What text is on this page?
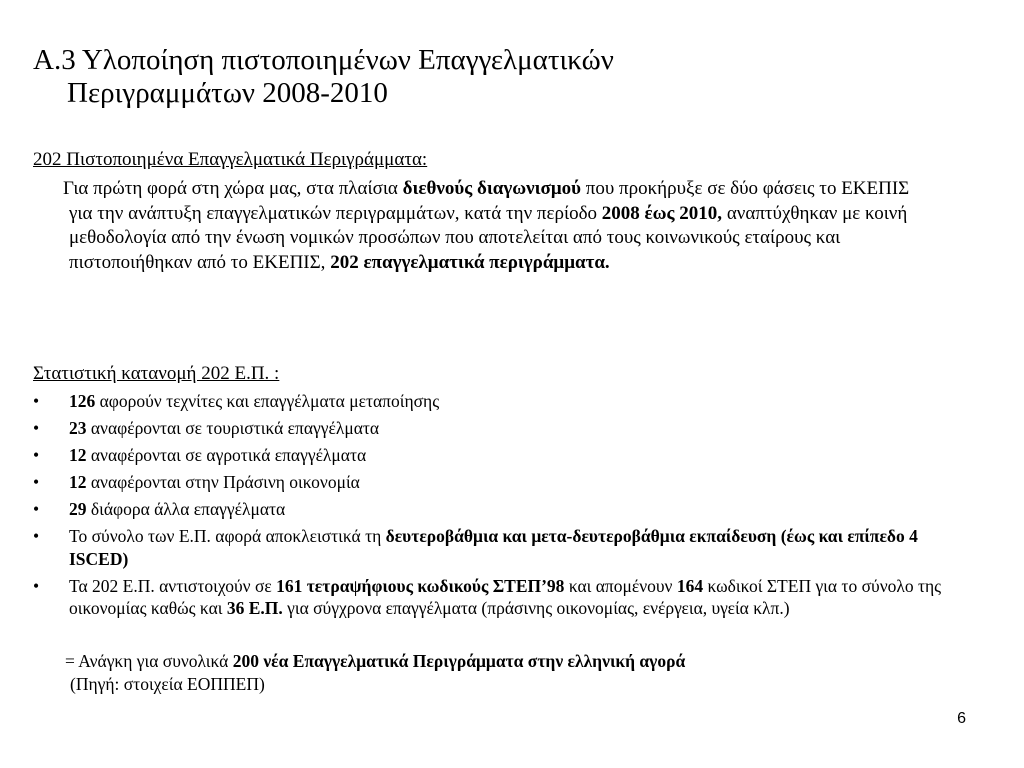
Α.3 Υλοποίηση πιστοποιημένων Επαγγελματικών
Περιγραμμάτων 2008-2010
202 Πιστοποιημένα Επαγγελματικά Περιγράμματα:

Για πρώτη φορά στη χώρα μας, στα πλαίσια διεθνούς διαγωνισμού που προκήρυξε σε δύο φάσεις το ΕΚΕΠΙΣ για την ανάπτυξη επαγγελματικών περιγραμμάτων, κατά την περίοδο 2008 έως 2010, αναπτύχθηκαν με κοινή μεθοδολογία από την ένωση νομικών προσώπων που αποτελείται από τους κοινωνικούς εταίρους και πιστοποιήθηκαν από το ΕΚΕΠΙΣ, 202 επαγγελματικά περιγράμματα.

Στατιστική κατανομή 202 Ε.Π. :
•	126 αφορούν τεχνίτες και επαγγέλματα μεταποίησης
•	23 αναφέρονται σε τουριστικά επαγγέλματα
•	12 αναφέρονται σε αγροτικά επαγγέλματα
•	12 αναφέρονται στην Πράσινη οικονομία
•	29 διάφορα άλλα επαγγέλματα
•	Το σύνολο των Ε.Π. αφορά αποκλειστικά τη δευτεροβάθμια και μετα-δευτεροβάθμια εκπαίδευση (έως και επίπεδο 4 ISCED)
•	Τα 202 Ε.Π. αντιστοιχούν σε 161 τετραψήφιους κωδικούς ΣΤΕΠ’98 και απομένουν 164 κωδικοί ΣΤΕΠ για το σύνολο της οικονομίας καθώς και 36 Ε.Π. για σύγχρονα επαγγέλματα (πράσινης οικονομίας, ενέργεια, υγεία κλπ.)
= Ανάγκη για συνολικά 200 νέα Επαγγελματικά Περιγράμματα στην ελληνική αγορά
(Πηγή: στοιχεία ΕΟΠΠΕΠ)
6
